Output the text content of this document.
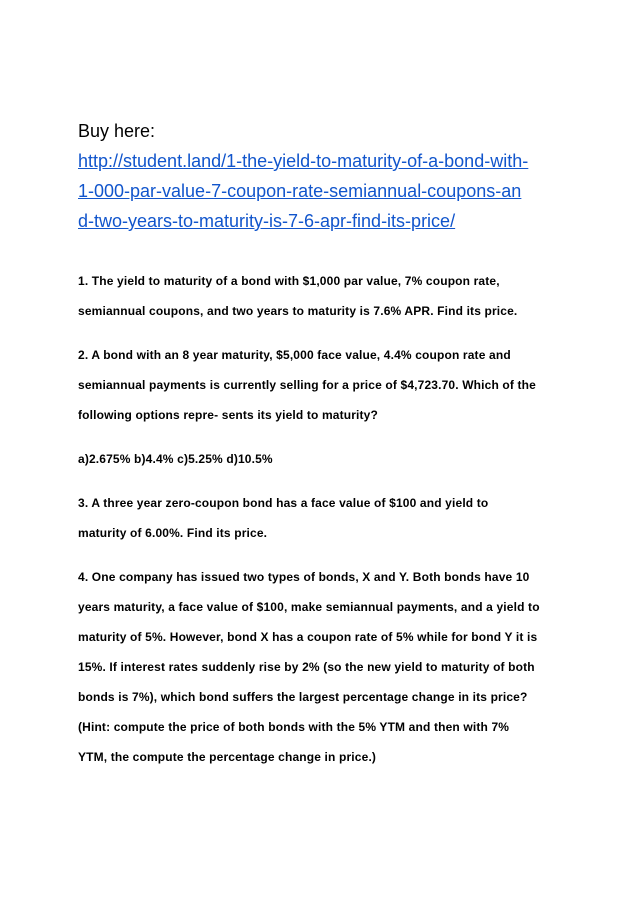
Buy here:

http://student.land/1-the-yield-to-maturity-of-a-bond-with-

1-000-par-value-7-coupon-rate-semiannual-coupons-an

d-two-years-to-maturity-is-7-6-apr-find-its-price/

1. The yield to maturity of a bond with $1,000 par value, 7% coupon rate,

semiannual coupons, and two years to maturity is 7.6% APR. Find its price.

2. A bond with an 8 year maturity, $5,000 face value, 4.4% coupon rate and

semiannual payments is currently selling for a price of $4,723.70. Which of the

following options repre- sents its yield to maturity?

a)2.675% b)4.4% c)5.25% d)10.5%

3. A three year zero-coupon bond has a face value of $100 and yield to

maturity of 6.00%. Find its price.

4. One company has issued two types of bonds, X and Y. Both bonds have 10

years maturity, a face value of $100, make semiannual payments, and a yield to

maturity of 5%. However, bond X has a coupon rate of 5% while for bond Y it is

15%. If interest rates suddenly rise by 2% (so the new yield to maturity of both

bonds is 7%), which bond suffers the largest percentage change in its price?

(Hint: compute the price of both bonds with the 5% YTM and then with 7%

YTM, the compute the percentage change in price.)
